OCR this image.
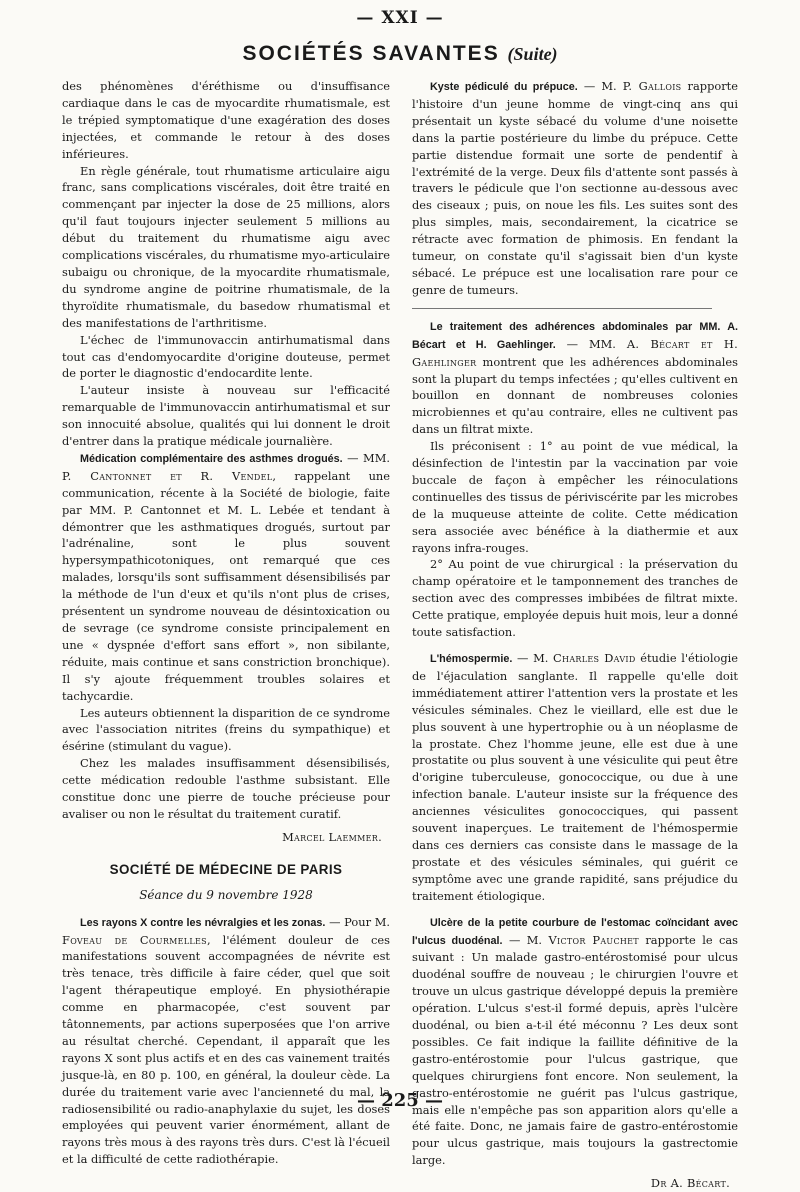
— XXI —
SOCIÉTÉS SAVANTES (Suite)

des phénomènes d'éréthisme ou d'insuffisance cardiaque dans le cas de myocardite rhumatismale, est le trépied symptomatique d'une exagération des doses injectées, et commande le retour à des doses inférieures.

En règle générale, tout rhumatisme articulaire aigu franc, sans complications viscérales, doit être traité en commençant par injecter la dose de 25 millions, alors qu'il faut toujours injecter seulement 5 millions au début du traitement du rhumatisme aigu avec complications viscérales, du rhumatisme myo-articulaire subaigu ou chronique, de la myocardite rhumatismale, du syndrome angine de poitrine rhumatismale, de la thyroïdite rhumatismale, du basedow rhumatismal et des manifestations de l'arthritisme.

L'échec de l'immunovaccin antirhumatismal dans tout cas d'endomyocardite d'origine douteuse, permet de porter le diagnostic d'endocardite lente.

L'auteur insiste à nouveau sur l'efficacité remarquable de l'immunovaccin antirhumatismal et sur son innocuité absolue, qualités qui lui donnent le droit d'entrer dans la pratique médicale journalière.

Médication complémentaire des asthmes drogués. — MM. P. Cantonnet et R. Vendel, rappelant une communication, récente à la Société de biologie, faite par MM. P. Cantonnet et M. L. Lebée et tendant à démontrer que les asthmatiques drogués, surtout par l'adrénaline, sont le plus souvent hypersympathicotoniques, ont remarqué que ces malades, lorsqu'ils sont suffisamment désensibilisés par la méthode de l'un d'eux et qu'ils n'ont plus de crises, présentent un syndrome nouveau de désintoxication ou de sevrage (ce syndrome consiste principalement en une « dyspnée d'effort sans effort », non sibilante, réduite, mais continue et sans constriction bronchique). Il s'y ajoute fréquemment troubles solaires et tachycardie.

Les auteurs obtiennent la disparition de ce syndrome avec l'association nitrites (freins du sympathique) et ésérine (stimulant du vague).

Chez les malades insuffisamment désensibilisés, cette médication redouble l'asthme subsistant. Elle constitue donc une pierre de touche précieuse pour avaliser ou non le résultat du traitement curatif.

Marcel Laemmer.
SOCIÉTÉ DE MÉDECINE DE PARIS
Séance du 9 novembre 1928

Les rayons X contre les névralgies et les zonas. — Pour M. Foveau de Courmelles, l'élément douleur de ces manifestations souvent accompagnées de névrite est très tenace, très difficile à faire céder, quel que soit l'agent thérapeutique employé. En physiothérapie comme en pharmacopée, c'est souvent par tâtonnements, par actions superposées que l'on arrive au résultat cherché. Cependant, il apparaît que les rayons X sont plus actifs et en des cas vainement traités jusque-là, en 80 p. 100, en général, la douleur cède. La durée du traitement varie avec l'ancienneté du mal, la radiosensibilité ou radio-anaphylaxie du sujet, les doses employées qui peuvent varier énormément, allant de rayons très mous à des rayons très durs. C'est là l'écueil et la difficulté de cette radiothérapie.

Kyste pédiculé du prépuce. — M. P. Gallois rapporte l'histoire d'un jeune homme de vingt-cinq ans qui présentait un kyste sébacé du volume d'une noisette dans la partie postérieure du limbe du prépuce. Cette partie distendue formait une sorte de pendentif à l'extrémité de la verge. Deux fils d'attente sont passés à travers le pédicule que l'on sectionne au-dessous avec des ciseaux ; puis, on noue les fils. Les suites sont des plus simples, mais, secondairement, la cicatrice se rétracte avec formation de phimosis. En fendant la tumeur, on constate qu'il s'agissait bien d'un kyste sébacé. Le prépuce est une localisation rare pour ce genre de tumeurs.

Le traitement des adhérences abdominales par MM. A. Bécart et H. Gaehlinger. — MM. A. Bécart et H. Gaehlinger montrent que les adhérences abdominales sont la plupart du temps infectées ; qu'elles cultivent en bouillon en donnant de nombreuses colonies microbiennes et qu'au contraire, elles ne cultivent pas dans un filtrat mixte.

Ils préconisent : 1° au point de vue médical, la désinfection de l'intestin par la vaccination par voie buccale de façon à empêcher les réinoculations continuelles des tissus de périviscérite par les microbes de la muqueuse atteinte de colite. Cette médication sera associée avec bénéfice à la diathermie et aux rayons infra-rouges.

2° Au point de vue chirurgical : la préservation du champ opératoire et le tamponnement des tranches de section avec des compresses imbibées de filtrat mixte. Cette pratique, employée depuis huit mois, leur a donné toute satisfaction.

L'hémospermie. — M. Charles David étudie l'étiologie de l'éjaculation sanglante. Il rappelle qu'elle doit immédiatement attirer l'attention vers la prostate et les vésicules séminales. Chez le vieillard, elle est due le plus souvent à une hypertrophie ou à un néoplasme de la prostate. Chez l'homme jeune, elle est due à une prostatite ou plus souvent à une vésiculite qui peut être d'origine tuberculeuse, gonococcique, ou due à une infection banale. L'auteur insiste sur la fréquence des anciennes vésiculites gonococciques, qui passent souvent inaperçues. Le traitement de l'hémospermie dans ces derniers cas consiste dans le massage de la prostate et des vésicules séminales, qui guérit ce symptôme avec une grande rapidité, sans préjudice du traitement étiologique.

Ulcère de la petite courbure de l'estomac coïncidant avec l'ulcus duodénal. — M. Victor Pauchet rapporte le cas suivant : Un malade gastro-entérostomisé pour ulcus duodénal souffre de nouveau ; le chirurgien l'ouvre et trouve un ulcus gastrique développé depuis la première opération. L'ulcus s'est-il formé depuis, après l'ulcère duodénal, ou bien a-t-il été méconnu ? Les deux sont possibles. Ce fait indique la faillite définitive de la gastro-entérostomie pour l'ulcus gastrique, que quelques chirurgiens font encore. Non seulement, la gastro-entérostomie ne guérit pas l'ulcus gastrique, mais elle n'empêche pas son apparition alors qu'elle a été faite. Donc, ne jamais faire de gastro-entérostomie pour ulcus gastrique, mais toujours la gastrectomie large.

Dr A. Bécart.
— 225 —
